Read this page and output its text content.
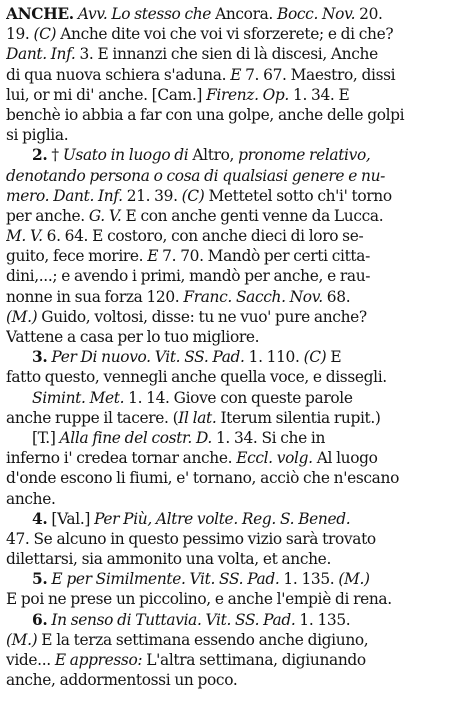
ANCHE. Avv. Lo stesso che Ancora. Bocc. Nov. 20.
19. (C) Anche dite voi che voi vi sforzerete; e di che?
Dant. Inf. 3. E innanzi che sien di là discesi, Anche
di qua nuova schiera s'aduna. E 7. 67. Maestro, dissi
lui, or mi di' anche. [Cam.] Firenz. Op. 1. 34. E
benchè io abbia a far con una golpe, anche delle golpi
si piglia.
2. † Usato in luogo di Altro, pronome relativo,
denotando persona o cosa di qualsiasi genere e nu-
mero. Dant. Inf. 21. 39. (C) Mettetel sotto ch'i' torno
per anche. G. V. E con anche genti venne da Lucca.
M. V. 6. 64. E costoro, con anche dieci di loro se-
guito, fece morire. E 7. 70. Mandò per certi citta-
dini,...; e avendo i primi, mandò per anche, e rau-
nonne in sua forza 120. Franc. Sacch. Nov. 68.
(M.) Guido, voltosi, disse: tu ne vuo' pure anche?
Vattene a casa per lo tuo migliore.
3. Per Di nuovo. Vit. SS. Pad. 1. 110. (C) E
fatto questo, vennegli anche quella voce, e dissegli.
Simint. Met. 1. 14. Giove con queste parole
anche ruppe il tacere. (Il lat. Iterum silentia rupit.)
[T.] Alla fine del costr. D. 1. 34. Si che in
inferno i' credea tornar anche. Eccl. volg. Al luogo
d'onde escono li fiumi, e' tornano, acciò che n'escano
anche.
4. [Val.] Per Più, Altre volte. Reg. S. Bened.
47. Se alcuno in questo pessimo vizio sarà trovato
dilettarsi, sia ammonito una volta, et anche.
5. E per Similmente. Vit. SS. Pad. 1. 135. (M.)
E poi ne prese un piccolino, e anche l'empiè di rena.
6. In senso di Tuttavia. Vit. SS. Pad. 1. 135.
(M.) E la terza settimana essendo anche digiuno,
vide... E appresso: L'altra settimana, digiunando
anche, addormentossi un poco.
